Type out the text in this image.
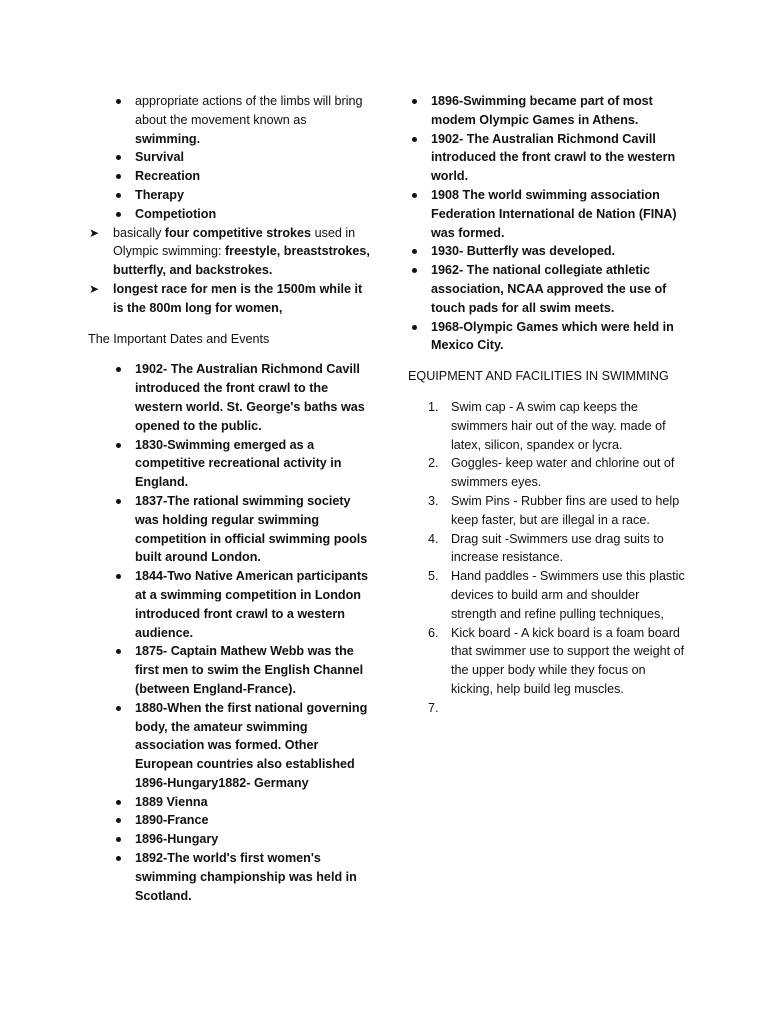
appropriate actions of the limbs will bring about the movement known as swimming.
Survival
Recreation
Therapy
Competiotion
➤ basically four competitive strokes used in Olympic swimming: freestyle, breaststrokes, butterfly, and backstrokes.
➤ longest race for men is the 1500m while it is the 800m long for women,
The Important Dates and Events
1902- The Australian Richmond Cavill introduced the front crawl to the western world. St. George's baths was opened to the public.
1830-Swimming emerged as a competitive recreational activity in England.
1837-The rational swimming society was holding regular swimming competition in official swimming pools built around London.
1844-Two Native American participants at a swimming competition in London introduced front crawl to a western audience.
1875- Captain Mathew Webb was the first men to swim the English Channel (between England-France).
1880-When the first national governing body, the amateur swimming association was formed. Other European countries also established 1896-Hungary1882- Germany
1889 Vienna
1890-France
1896-Hungary
1892-The world's first women's swimming championship was held in Scotland.
1896-Swimming became part of most modem Olympic Games in Athens.
1902- The Australian Richmond Cavill introduced the front crawl to the western world.
1908 The world swimming association Federation International de Nation (FINA) was formed.
1930- Butterfly was developed.
1962- The national collegiate athletic association, NCAA approved the use of touch pads for all swim meets.
1968-Olympic Games which were held in Mexico City.
EQUIPMENT AND FACILITIES IN SWIMMING
1. Swim cap - A swim cap keeps the swimmers hair out of the way. made of latex, silicon, spandex or lycra.
2. Goggles- keep water and chlorine out of swimmers eyes.
3. Swim Pins - Rubber fins are used to help keep faster, but are illegal in a race.
4. Drag suit -Swimmers use drag suits to increase resistance.
5. Hand paddles - Swimmers use this plastic devices to build arm and shoulder strength and refine pulling techniques,
6. Kick board - A kick board is a foam board that swimmer use to support the weight of the upper body while they focus on kicking, help build leg muscles.
7.
